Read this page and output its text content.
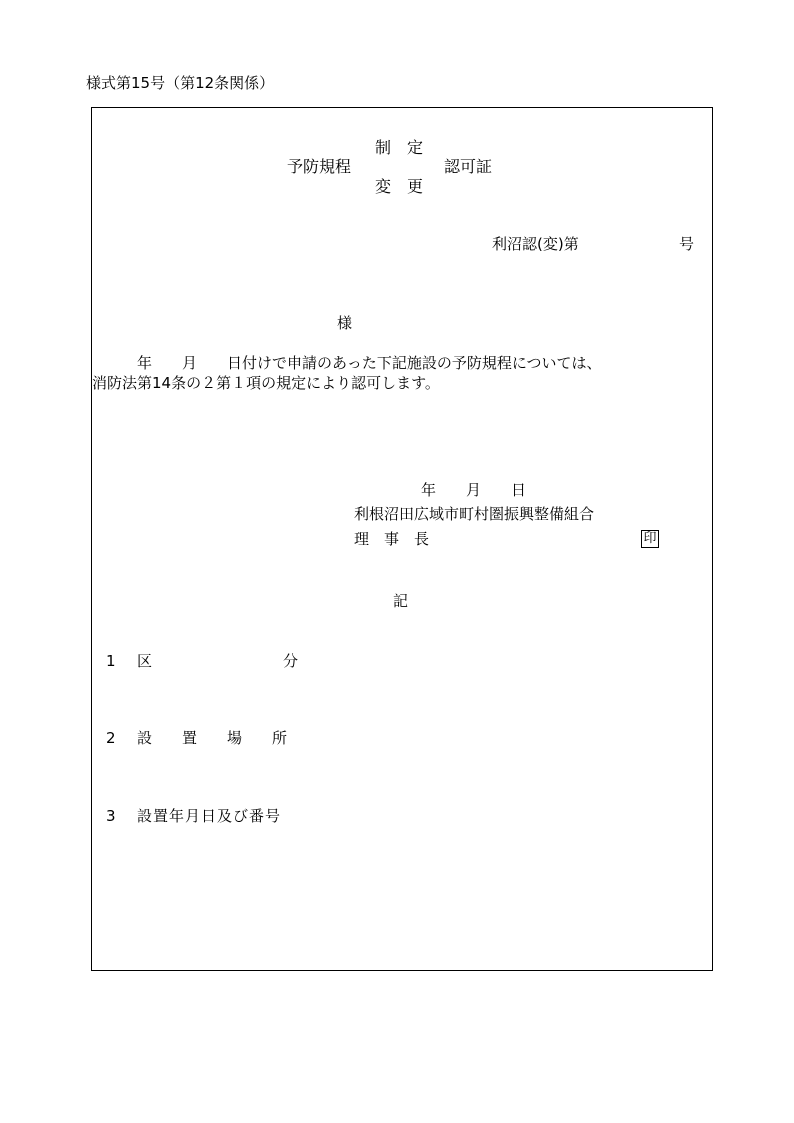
様式第15号（第12条関係）
予防規程
制　定
変　更
認可証
利沼認(変)第	号
様
　　　年　　月　　日付けで申請のあった下記施設の予防規程については、
消防法第14条の２第１項の規定により認可します。
年　　月　　日
利根沼田広域市町村圏振興整備組合
理　事　長	印
記
1 区	分
2 設　　置　　場　　所
3 設置年月日及び番号
